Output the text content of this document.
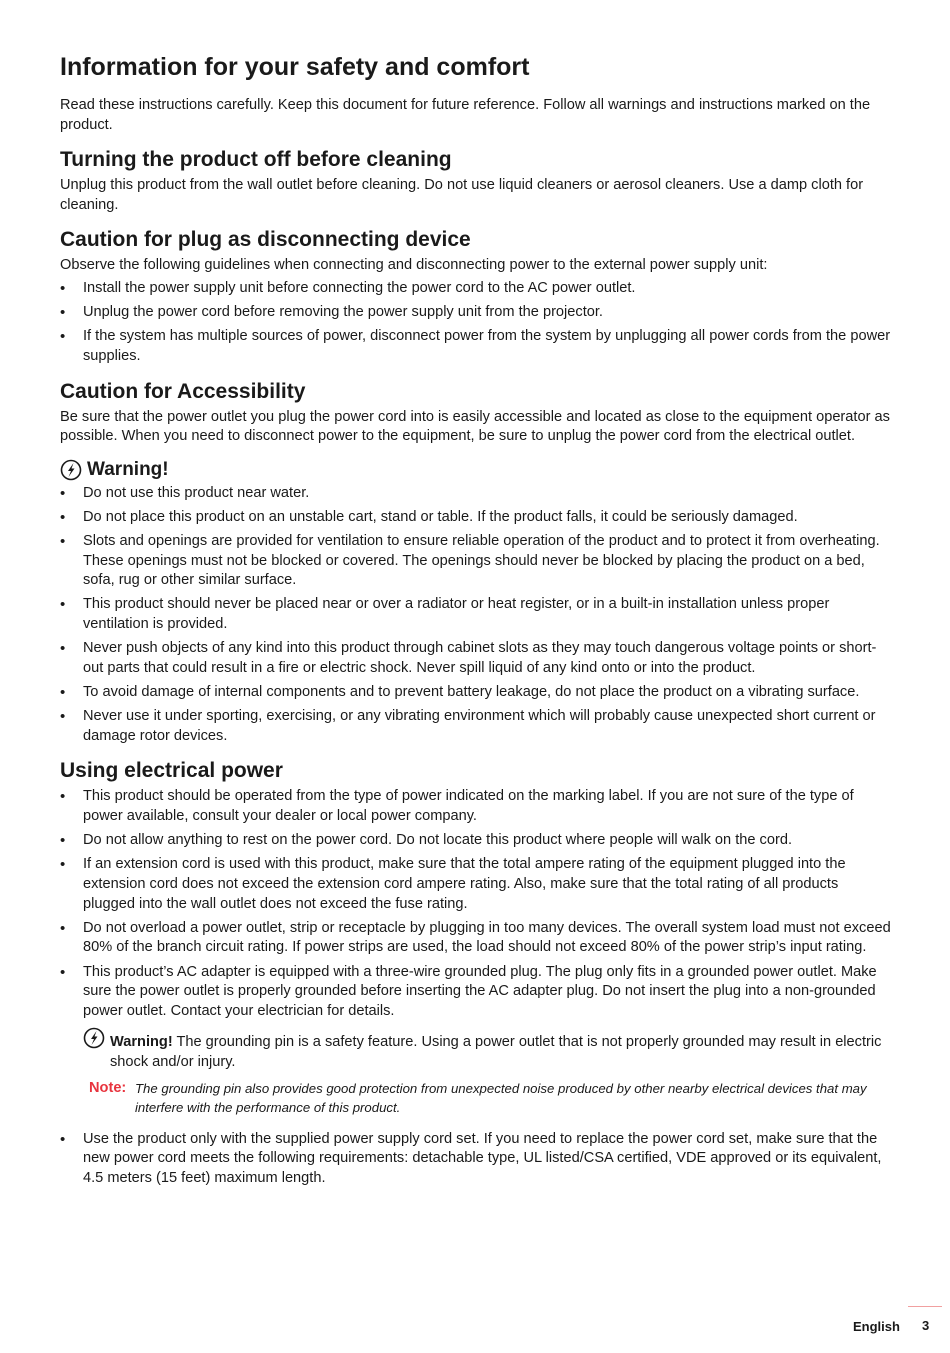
Information for your safety and comfort

Read these instructions carefully. Keep this document for future reference. Follow all warnings and instructions marked on the product.

Turning the product off before cleaning

Unplug this product from the wall outlet before cleaning. Do not use liquid cleaners or aerosol cleaners. Use a damp cloth for cleaning.

Caution for plug as disconnecting device

Observe the following guidelines when connecting and disconnecting power to the external power supply unit:

• Install the power supply unit before connecting the power cord to the AC power outlet.
• Unplug the power cord before removing the power supply unit from the projector.
• If the system has multiple sources of power, disconnect power from the system by unplugging all power cords from the power supplies.
Caution for Accessibility

Be sure that the power outlet you plug the power cord into is easily accessible and located as close to the equipment operator as possible. When you need to disconnect power to the equipment, be sure to unplug the power cord from the electrical outlet.

Warning!
• Do not use this product near water.
• Do not place this product on an unstable cart, stand or table. If the product falls, it could be seriously damaged.
• Slots and openings are provided for ventilation to ensure reliable operation of the product and to protect it from overheating. These openings must not be blocked or covered. The openings should never be blocked by placing the product on a bed, sofa, rug or other similar surface.
• This product should never be placed near or over a radiator or heat register, or in a built-in installation unless proper ventilation is provided.
• Never push objects of any kind into this product through cabinet slots as they may touch dangerous voltage points or short-out parts that could result in a fire or electric shock. Never spill liquid of any kind onto or into the product.
• To avoid damage of internal components and to prevent battery leakage, do not place the product on a vibrating surface.
• Never use it under sporting, exercising, or any vibrating environment which will probably cause unexpected short current or damage rotor devices.
Using electrical power
• This product should be operated from the type of power indicated on the marking label. If you are not sure of the type of power available, consult your dealer or local power company.
• Do not allow anything to rest on the power cord. Do not locate this product where people will walk on the cord.
• If an extension cord is used with this product, make sure that the total ampere rating of the equipment plugged into the extension cord does not exceed the extension cord ampere rating. Also, make sure that the total rating of all products plugged into the wall outlet does not exceed the fuse rating.
• Do not overload a power outlet, strip or receptacle by plugging in too many devices. The overall system load must not exceed 80% of the branch circuit rating. If power strips are used, the load should not exceed 80% of the power strip’s input rating.
• This product’s AC adapter is equipped with a three-wire grounded plug. The plug only fits in a grounded power outlet. Make sure the power outlet is properly grounded before inserting the AC adapter plug. Do not insert the plug into a non-grounded power outlet. Contact your electrician for details.
Warning! The grounding pin is a safety feature. Using a power outlet that is not properly grounded may result in electric shock and/or injury.
Note: The grounding pin also provides good protection from unexpected noise produced by other nearby electrical devices that may interfere with the performance of this product.
• Use the product only with the supplied power supply cord set. If you need to replace the power cord set, make sure that the new power cord meets the following requirements: detachable type, UL listed/CSA certified, VDE approved or its equivalent, 4.5 meters (15 feet) maximum length.
English 3
